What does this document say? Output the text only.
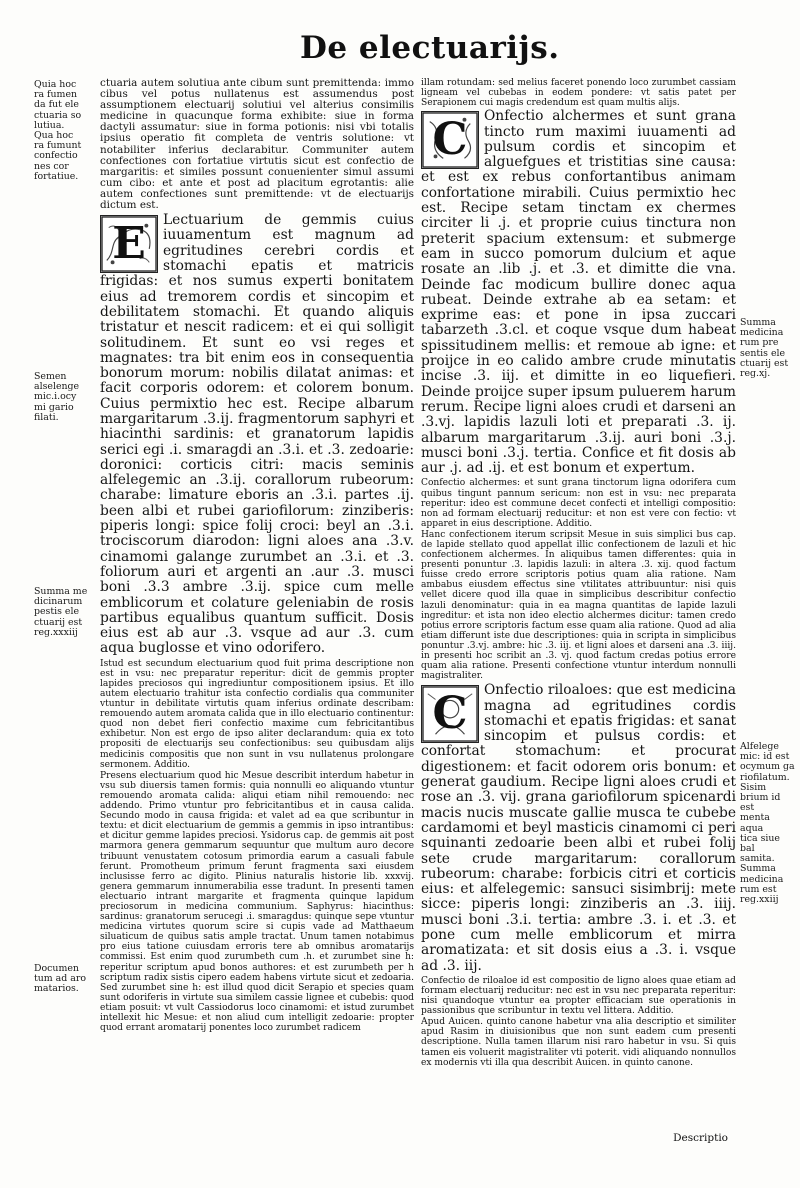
De electuarijs.
Quia hoc
ra fumen
da fut ele
ctuaria so
lutiua.
Qua hoc
ra fumunt
confectio
nes cor
fortatiue.
Semen
alselenge
mic.i.ocy
mi gario
filati.
Summa me
dicinarum
pestis ele
ctuarij est
reg.xxxiij
Documen
tum ad aro
matarios.
Summa
medicina
rum pre
sentis ele
ctuarij est
reg.xj.
Alfelege
mic: id est
ocymum ga
riofilatum.
Sisim
brium id est
menta aqua
tica siue bal
samita.
Summa
medicina
rum est
reg.xxiij

ctuaria autem solutiua ante cibum sunt premittenda: immo cibus vel potus nullatenus est assumendus post assumptionem electuarij solutiui vel alterius consimilis medicine in quacunque forma exhibite: siue in forma dactyli assumatur: siue in forma potionis: nisi vbi totalis ipsius operatio fit completa de ventris solutione: vt notabiliter inferius declarabitur. Communiter autem confectiones con fortatiue virtutis sicut est confectio de margaritis: et similes possunt conuenienter simul assumi cum cibo: et ante et post ad placitum egrotantis: alie autem confectiones sunt premittende: vt de electuarijs dictum est.

E	Lectuarium de gemmis cuius iuuamentum est magnum ad egritudines cerebri cordis et stomachi epatis et matricis frigidas: et nos sumus experti bonitatem eius ad tremorem cordis et sincopim et debilitatem stomachi. Et quando aliquis tristatur et nescit radicem: et ei qui solligit solitudinem. Et sunt eo vsi reges et magnates: tra bit enim eos in consequentia bonorum morum: nobilis dilatat animas: et facit corporis odorem: et colorem bonum. Cuius permixtio hec est. Recipe albarum margaritarum .3.ij. fragmentorum saphyri et hiacinthi sardinis: et granatorum lapidis serici egi .i. smaragdi an .3.i. et .3. zedoarie: doronici: corticis citri: macis seminis alfelegemic an .3.ij. corallorum rubeorum: charabe: limature eboris an .3.i. partes .ij. been albi et rubei gariofilorum: zinziberis: piperis longi: spice folij croci: beyl an .3.i. trociscorum diarodon: ligni aloes ana .3.v. cinamomi galange zurumbet an .3.i. et .3. foliorum auri et argenti an .aur .3. musci boni .3.3 ambre .3.ij. spice cum melle emblicorum et colature geleniabin de rosis partibus equalibus quantum sufficit. Dosis eius est ab aur .3. vsque ad aur .3. cum aqua buglosse et vino odorifero.

Istud est secundum electuarium quod fuit prima descriptione non est in vsu: nec preparatur reperitur: dicit de gemmis propter lapides preciosos qui ingrediuntur compositionem ipsius. Et illo autem electuario trahitur ista confectio cordialis qua communiter vtuntur in debilitate virtutis quam inferius ordinate describam: remouendo autem aromata calida que in illo electuario continentur: quod non debet fieri confectio maxime cum febricitantibus exhibetur. Non est ergo de ipso aliter declarandum: quia ex toto propositi de electuarijs seu confectionibus: seu quibusdam alijs medicinis compositis que non sunt in vsu nullatenus prolongare sermonem. Additio.

Presens electuarium quod hic Mesue describit interdum habetur in vsu sub diuersis tamen formis: quia nonnulli eo aliquando vtuntur remouendo aromata calida: aliqui etiam nihil remouendo: nec addendo. Primo vtuntur pro febricitantibus et in causa calida. Secundo modo in causa frigida: et valet ad ea que scribuntur in textu: et dicit electuarium de gemmis a gemmis in ipso intrantibus: et dicitur gemme lapides preciosi. Ysidorus cap. de gemmis ait post marmora genera gemmarum sequuntur que multum auro decore tribuunt venustatem cotosum primordia earum a casuali fabule ferunt. Promotheum primum ferunt fragmenta saxi eiusdem inclusisse ferro ac digito. Plinius naturalis historie lib. xxxvij. genera gemmarum innumerabilia esse tradunt. In presenti tamen electuario intrant margarite et fragmenta quinque lapidum preciosorum in medicina communium. Saphyrus: hiacinthus: sardinus: granatorum serucegi .i. smaragdus: quinque sepe vtuntur medicina virtutes quorum scire si cupis vade ad Matthaeum siluaticum de quibus satis ample tractat. Unum tamen notabimus pro eius tatione cuiusdam erroris tere ab omnibus aromatarijs commissi. Est enim quod zurumbeth cum .h. et zurumbet sine h: reperitur scriptum apud bonos authores: et est zurumbeth per h scriptum radix sistis cipero eadem habens virtute sicut et zedoaria. Sed zurumbet sine h: est illud quod dicit Serapio et species quam sunt odoriferis in virtute sua similem cassie lignee et cubebis: quod etiam posuit: vt vult Cassiodorus loco cinamomi: et istud zurumbet intellexit hic Mesue: et non aliud cum intelligit zedoarie: propter quod errant aromatarij ponentes loco zurumbet radicem

illam rotundam: sed melius faceret ponendo loco zurumbet cassiam ligneam vel cubebas in eodem pondere: vt satis patet per Serapionem cui magis credendum est quam multis alijs.

C	Onfectio alchermes et sunt grana tincto rum maximi iuuamenti ad pulsum cordis et sincopim et alguefgues et tristitias sine causa: et est ex rebus confortantibus animam confortatione mirabili. Cuius permixtio hec est. Recipe setam tinctam ex chermes circiter li .j. et proprie cuius tinctura non preterit spacium extensum: et submerge eam in succo pomorum dulcium et aque rosate an .lib .j. et .3. et dimitte die vna. Deinde fac modicum bullire donec aqua rubeat. Deinde extrahe ab ea setam: et exprime eas: et pone in ipsa zuccari tabarzeth .3.cl. et coque vsque dum habeat spissitudinem mellis: et remoue ab igne: et proijce in eo calido ambre crude minutatis incise .3. iij. et dimitte in eo liquefieri. Deinde proijce super ipsum puluerem harum rerum. Recipe ligni aloes crudi et darseni an .3.vj. lapidis lazuli loti et preparati .3. ij. albarum margaritarum .3.ij. auri boni .3.j. musci boni .3.j. tertia. Confice et fit dosis ab aur .j. ad .ij. et est bonum et expertum.

Confectio alchermes: et sunt grana tinctorum ligna odorifera cum quibus tingunt pannum sericum: non est in vsu: nec preparata reperitur: ideo est commune decet confecti et intelligi compositio: non ad formam electuarij reducitur: et non est vere con fectio: vt apparet in eius descriptione. Additio.

Hanc confectionem iterum scripsit Mesue in suis simplici bus cap. de lapide stellato quod appellat illic confectionem de lazuli et hic confectionem alchermes. In aliquibus tamen differentes: quia in presenti ponuntur .3. lapidis lazuli: in altera .3. xij. quod factum fuisse credo errore scriptoris potius quam alia ratione. Nam ambabus eiusdem effectus sine vtilitates attribuuntur: nisi quis vellet dicere quod illa quae in simplicibus describitur confectio lazuli denominatur: quia in ea magna quantitas de lapide lazuli ingreditur: et ista non ideo electio alchermes dicitur: tamen credo potius errore scriptoris factum esse quam alia ratione. Quod ad alia etiam differunt iste due descriptiones: quia in scripta in simplicibus ponuntur .3.vj. ambre: hic .3. iij. et ligni aloes et darseni ana .3. iiij. in presenti hoc scribit an .3. vj. quod factum credas potius errore quam alia ratione. Presenti confectione vtuntur interdum nonnulli magistraliter.

C	Onfectio riloaloes: que est medicina magna ad egritudines cordis stomachi et epatis frigidas: et sanat sincopim et pulsus cordis: et confortat stomachum: et procurat digestionem: et facit odorem oris bonum: et generat gaudium. Recipe ligni aloes crudi et rose an .3. vij. grana gariofilorum spicenardi macis nucis muscate gallie musca te cubebe cardamomi et beyl masticis cinamomi ci peri squinanti zedoarie been albi et rubei folij sete crude margaritarum: corallorum rubeorum: charabe: forbicis citri et corticis eius: et alfelegemic: sansuci sisimbrij: mete sicce: piperis longi: zinziberis an .3. iiij. musci boni .3.i. tertia: ambre .3. i. et .3. et pone cum melle emblicorum et mirra aromatizata: et sit dosis eius a .3. i. vsque ad .3. iij.

Confectio de riloaloe id est compositio de ligno aloes quae etiam ad formam electuarij reducitur: nec est in vsu nec preparata reperitur: nisi quandoque vtuntur ea propter efficaciam sue operationis in passionibus que scribuntur in textu vel littera. Additio.

Apud Auicen. quinto canone habetur vna alia descriptio et similiter apud Rasim in diuisionibus que non sunt eadem cum presenti descriptione. Nulla tamen illarum nisi raro habetur in vsu. Si quis tamen eis voluerit magistraliter vti poterit. vidi aliquando nonnullos ex modernis vti illa qua describit Auicen. in quinto canone.

Descriptio
